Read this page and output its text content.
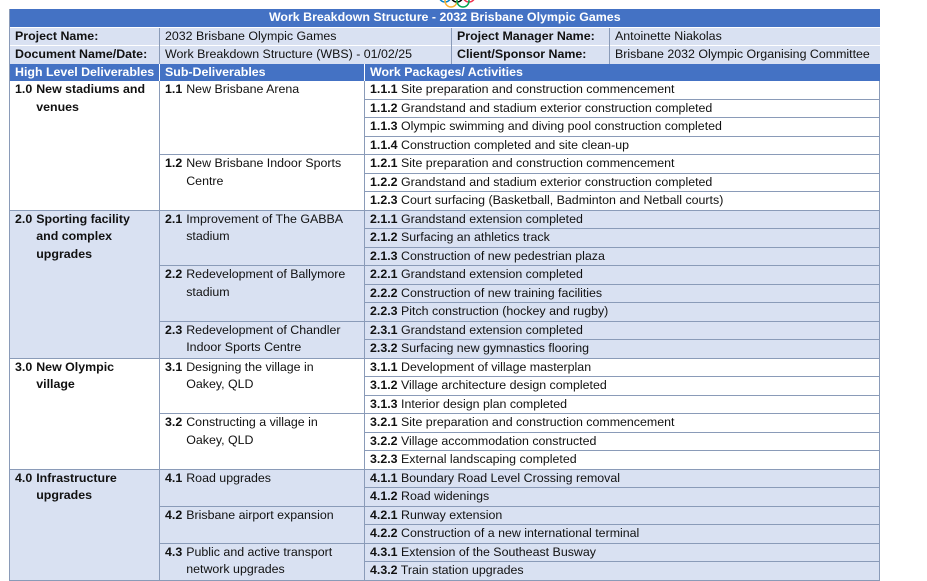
Work Breakdown Structure - 2032 Brisbane Olympic Games				
Project Name:	2032 Brisbane Olympic Games		Project Manager Name:	Antoinette Niakolas
Document Name/Date:	Work Breakdown Structure (WBS) - 01/02/25		Client/Sponsor Name:	Brisbane 2032 Olympic Organising Committee
High Level Deliverables	Sub-Deliverables	Work Packages/ Activities		
1.0 New stadiums and venues	1.1 New Brisbane Arena	1.1.1 Site preparation and construction commencement		
		1.1.2 Grandstand and stadium exterior construction completed		
		1.1.3 Olympic swimming and diving pool construction completed		
		1.1.4 Construction completed and site clean-up		
	1.2 New Brisbane Indoor Sports Centre	1.2.1 Site preparation and construction commencement		
		1.2.2 Grandstand and stadium exterior construction completed		
		1.2.3 Court surfacing (Basketball, Badminton and Netball courts)		
2.0 Sporting facility and complex upgrades	2.1 Improvement of The GABBA stadium	2.1.1 Grandstand extension completed		
		2.1.2 Surfacing an athletics track		
		2.1.3 Construction of new pedestrian plaza		
	2.2 Redevelopment of Ballymore stadium	2.2.1 Grandstand extension completed		
		2.2.2 Construction of new training facilities		
		2.2.3 Pitch construction (hockey and rugby)		
	2.3 Redevelopment of Chandler Indoor Sports Centre	2.3.1 Grandstand extension completed		
		2.3.2 Surfacing new gymnastics flooring		
3.0 New Olympic village	3.1 Designing the village in Oakey, QLD	3.1.1 Development of village masterplan		
		3.1.2 Village architecture design completed		
		3.1.3 Interior design plan completed		
	3.2 Constructing a village in Oakey, QLD	3.2.1 Site preparation and construction commencement		
		3.2.2 Village accommodation constructed		
		3.2.3 External landscaping completed		
4.0 Infrastructure upgrades	4.1 Road upgrades	4.1.1 Boundary Road Level Crossing removal		
		4.1.2 Road widenings		
	4.2 Brisbane airport expansion	4.2.1 Runway extension		
		4.2.2 Construction of a new international terminal		
	4.3 Public and active transport network upgrades	4.3.1 Extension of the Southeast Busway		
		4.3.2 Train station upgrades		
